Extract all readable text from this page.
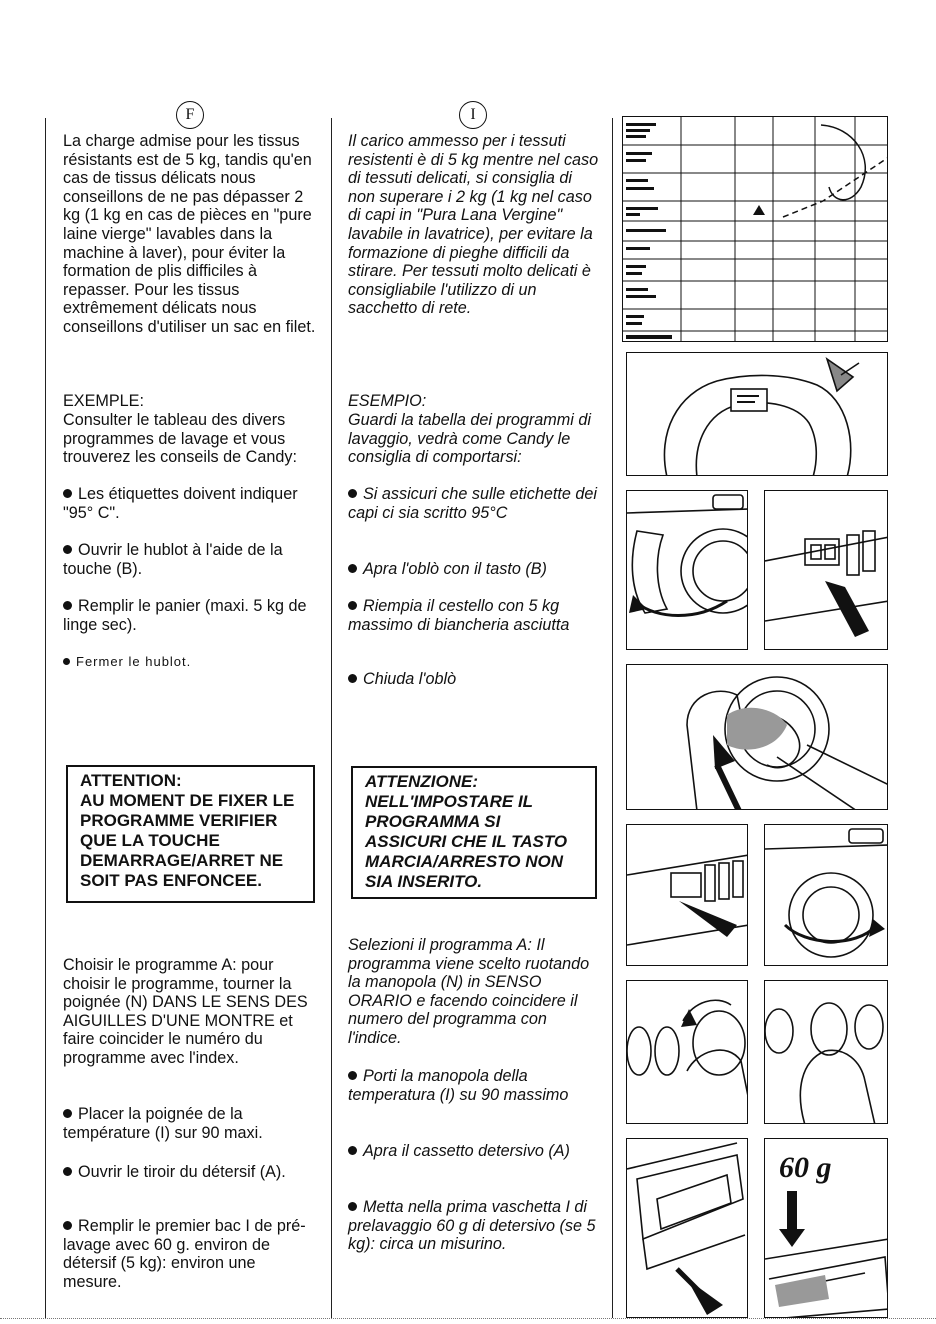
F	I

La charge admise pour les tissus résistants est de 5 kg, tandis qu'en cas de tissus délicats nous conseillons de ne pas dépasser 2 kg (1 kg en cas de pièces en "pure laine vierge" lavables dans la machine à laver), pour éviter la formation de plis difficiles à repasser. Pour les tissus extrêmement délicats nous conseillons d'utiliser un sac en filet.

EXEMPLE:

Consulter le tableau des divers programmes de lavage et vous trouverez les conseils de Candy:

Les étiquettes doivent indiquer "95° C".
Ouvrir le hublot à l'aide de la touche (B).
Remplir le panier (maxi. 5 kg de linge sec).
Fermer le hublot.

Choisir le programme A: pour choisir le programme, tourner la poignée (N) DANS LE SENS DES AIGUILLES D'UNE MONTRE et faire coincider le numéro du programme avec l'index.

Placer la poignée de la température (I) sur 90 maxi.
Ouvrir le tiroir du détersif (A).
Remplir le premier bac I de pré-lavage avec 60 g. environ de détersif (5 kg): environ une mesure.
ATTENTION:
AU MOMENT DE FIXER LE
PROGRAMME VERIFIER
QUE LA TOUCHE
DEMARRAGE/ARRET NE
SOIT PAS ENFONCEE.

Il carico ammesso per i tessuti resistenti è di 5 kg mentre nel caso di tessuti delicati, si consiglia di non superare i 2 kg (1 kg nel caso di capi in "Pura Lana Vergine" lavabile in lavatrice), per evitare la formazione di pieghe difficili da stirare. Per tessuti molto delicati è consigliabile l'utilizzo di un sacchetto di rete.

ESEMPIO:

Guardi la tabella dei programmi di lavaggio, vedrà come Candy le consiglia di comportarsi:

Si assicuri che sulle etichette dei capi ci sia scritto 95°C
Apra l'oblò con il tasto (B)
Riempia il cestello con 5 kg massimo di biancheria asciutta
Chiuda l'oblò

Selezioni il programma A: Il programma viene scelto ruotando la manopola (N) in SENSO ORARIO e facendo coincidere il numero del programma con l'indice.

Porti la manopola della temperatura (I) su 90 massimo
Apra il cassetto detersivo (A)
Metta nella prima vaschetta I di prelavaggio 60 g di detersivo (se 5 kg): circa un misurino.
ATTENZIONE:
NELL'IMPOSTARE IL
PROGRAMMA SI
ASSICURI CHE IL TASTO
MARCIA/ARRESTO NON
SIA INSERITO.
60 g
